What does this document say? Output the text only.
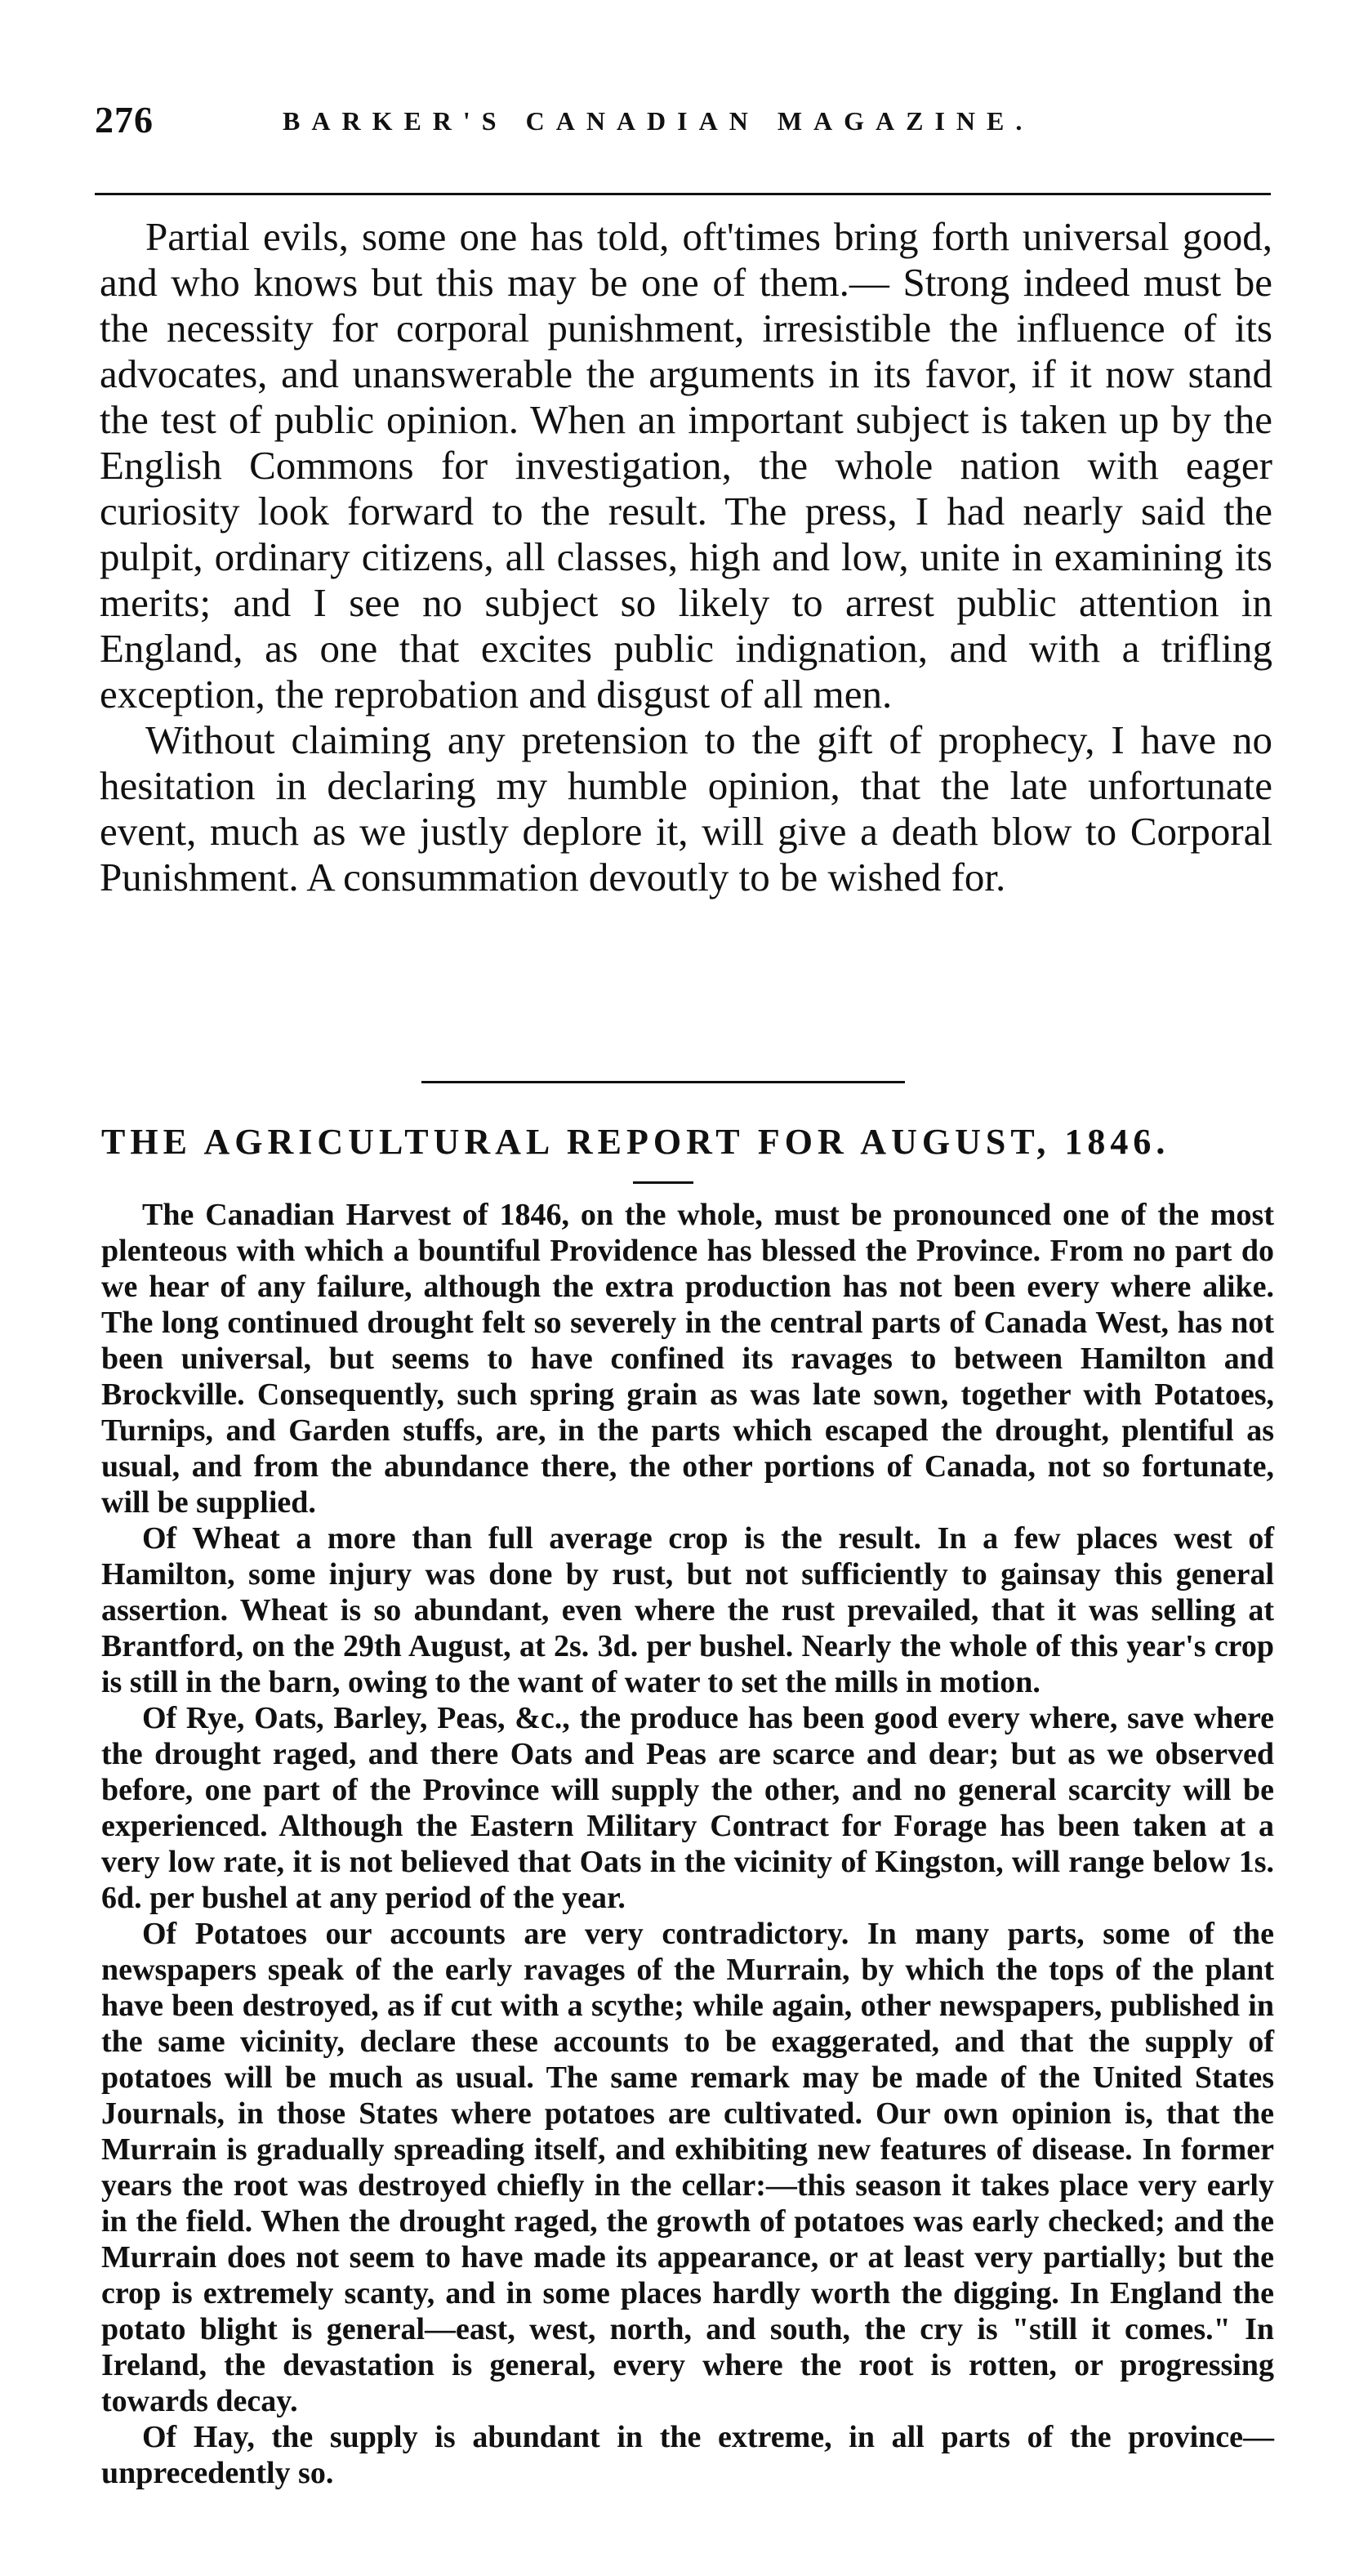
276	BARKER'S CANADIAN MAGAZINE.

Partial evils, some one has told, oft'times bring forth universal good, and who knows but this may be one of them.— Strong indeed must be the necessity for corporal punishment, irresistible the influence of its advocates, and unanswerable the arguments in its favor, if it now stand the test of public opinion. When an important subject is taken up by the English Commons for investigation, the whole nation with eager curiosity look forward to the result. The press, I had nearly said the pulpit, ordinary citizens, all classes, high and low, unite in examining its merits; and I see no subject so likely to arrest public attention in England, as one that excites public indignation, and with a trifling exception, the reprobation and disgust of all men.

Without claiming any pretension to the gift of prophecy, I have no hesitation in declaring my humble opinion, that the late unfortunate event, much as we justly deplore it, will give a death blow to Corporal Punishment. A consummation devoutly to be wished for.

THE AGRICULTURAL REPORT FOR AUGUST, 1846.

The Canadian Harvest of 1846, on the whole, must be pronounced one of the most plenteous with which a bountiful Providence has blessed the Province. From no part do we hear of any failure, although the extra production has not been every where alike. The long continued drought felt so severely in the central parts of Canada West, has not been universal, but seems to have confined its ravages to between Hamilton and Brockville. Consequently, such spring grain as was late sown, together with Potatoes, Turnips, and Garden stuffs, are, in the parts which escaped the drought, plentiful as usual, and from the abundance there, the other portions of Canada, not so fortunate, will be supplied.

Of Wheat a more than full average crop is the result. In a few places west of Hamilton, some injury was done by rust, but not sufficiently to gainsay this general assertion. Wheat is so abundant, even where the rust prevailed, that it was selling at Brantford, on the 29th August, at 2s. 3d. per bushel. Nearly the whole of this year's crop is still in the barn, owing to the want of water to set the mills in motion.

Of Rye, Oats, Barley, Peas, &c., the produce has been good every where, save where the drought raged, and there Oats and Peas are scarce and dear; but as we observed before, one part of the Province will supply the other, and no general scarcity will be experienced. Although the Eastern Military Contract for Forage has been taken at a very low rate, it is not believed that Oats in the vicinity of Kingston, will range below 1s. 6d. per bushel at any period of the year.

Of Potatoes our accounts are very contradictory. In many parts, some of the newspapers speak of the early ravages of the Murrain, by which the tops of the plant have been destroyed, as if cut with a scythe; while again, other newspapers, published in the same vicinity, declare these accounts to be exaggerated, and that the supply of potatoes will be much as usual. The same remark may be made of the United States Journals, in those States where potatoes are cultivated. Our own opinion is, that the Murrain is gradually spreading itself, and exhibiting new features of disease. In former years the root was destroyed chiefly in the cellar:—this season it takes place very early in the field. When the drought raged, the growth of potatoes was early checked; and the Murrain does not seem to have made its appearance, or at least very partially; but the crop is extremely scanty, and in some places hardly worth the digging. In England the potato blight is general—east, west, north, and south, the cry is "still it comes." In Ireland, the devastation is general, every where the root is rotten, or progressing towards decay.

Of Hay, the supply is abundant in the extreme, in all parts of the province— unprecedently so.
